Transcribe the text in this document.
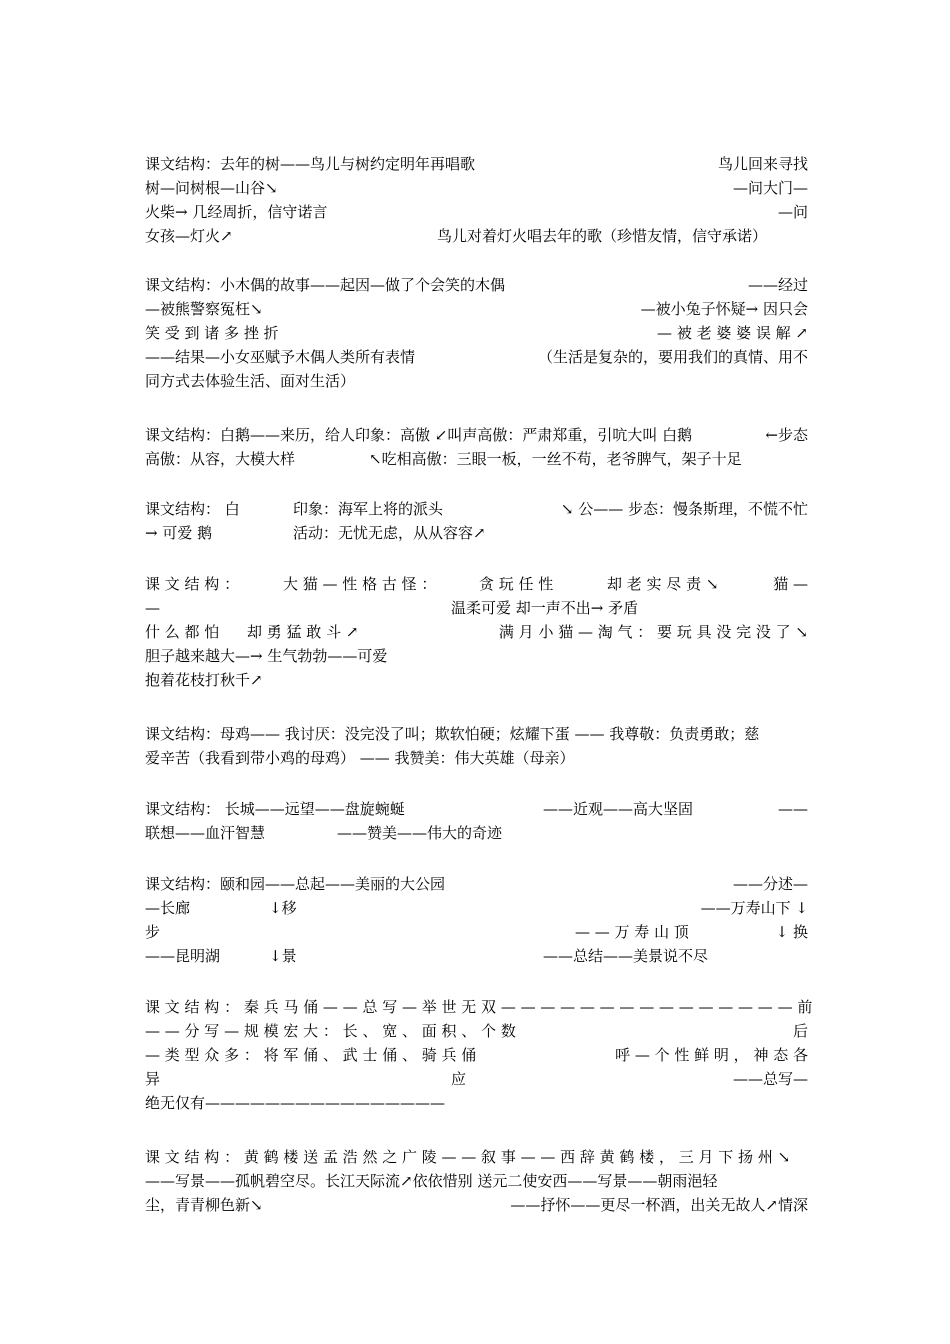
课文结构：去年的树——鸟儿与树约定明年再唱歌	鸟儿回来寻找
树—问树根—山谷↘	—问大门—
火柴→ 几经周折，信守诺言	—问
女孩—灯火↗	鸟儿对着灯火唱去年的歌（珍惜友情，信守承诺）
课文结构：小木偶的故事——起因—做了个会笑的木偶	——经过
—被熊警察冤枉↘	—被小兔子怀疑→ 因只会
笑 受 到 诸 多 挫 折	— 被 老 婆 婆 误 解 ↗
——结果—小女巫赋予木偶人类所有表情	（生活是复杂的，要用我们的真情、用不
同方式去体验生活、面对生活）
课文结构：白鹅——来历，给人印象：高傲 ↙叫声高傲：严肃郑重，引吭大叫 白鹅	←步态
高傲：从容，大模大样	↖吃相高傲：三眼一板，一丝不苟，老爷脾气，架子十足
课文结构： 白	印象：海军上将的派头	↘ 公—— 步态：慢条斯理，不慌不忙
→ 可爱 鹅	活动：无忧无虑，从从容容↗
课 文 结 构 ：	大 猫 — 性 格 古 怪 ：	贪 玩 任 性	却 老 实 尽 责 ↘	猫 —
—	温柔可爱 却一声不出→ 矛盾
什 么 都 怕 却 勇 猛 敢 斗 ↗	满 月 小 猫 — 淘 气 ： 要 玩 具 没 完 没 了 ↘
胆子越来越大—→ 生气勃勃——可爱
抱着花枝打秋千↗
课文结构：母鸡—— 我讨厌：没完没了叫；欺软怕硬；炫耀下蛋 —— 我尊敬：负责勇敢；慈
爱辛苦（我看到带小鸡的母鸡） —— 我赞美：伟大英雄（母亲）
课文结构： 长城——远望——盘旋蜿蜒	——近观——高大坚固	——
联想——血汗智慧	——赞美——伟大的奇迹
课文结构：颐和园——总起——美丽的大公园	——分述—
—长廊	↓移	——万寿山下 ↓
步	— — 万 寿 山 顶	↓ 换
——昆明湖	↓景	——总结——美景说不尽
课 文 结 构 ： 秦 兵 马 俑 — — 总 写 — 举 世 无 双 — — — — — — — — — — — — — — — 前
— — 分 写 — 规 模 宏 大 ： 长 、 宽 、 面 积 、 个 数	后
— 类 型 众 多 ： 将 军 俑 、 武 士 俑 、 骑 兵 俑	呼 — 个 性 鲜 明 ， 神 态 各
异	应	——总写—
绝无仅有————————————————
课 文 结 构 ： 黄 鹤 楼 送 孟 浩 然 之 广 陵 — — 叙 事 — — 西 辞 黄 鹤 楼 ， 三 月 下 扬 州 ↘
——写景——孤帆碧空尽。长江天际流↗依依惜别 送元二使安西——写景——朝雨浥轻
尘，青青柳色新↘	——抒怀——更尽一杯酒，出关无故人↗情深
